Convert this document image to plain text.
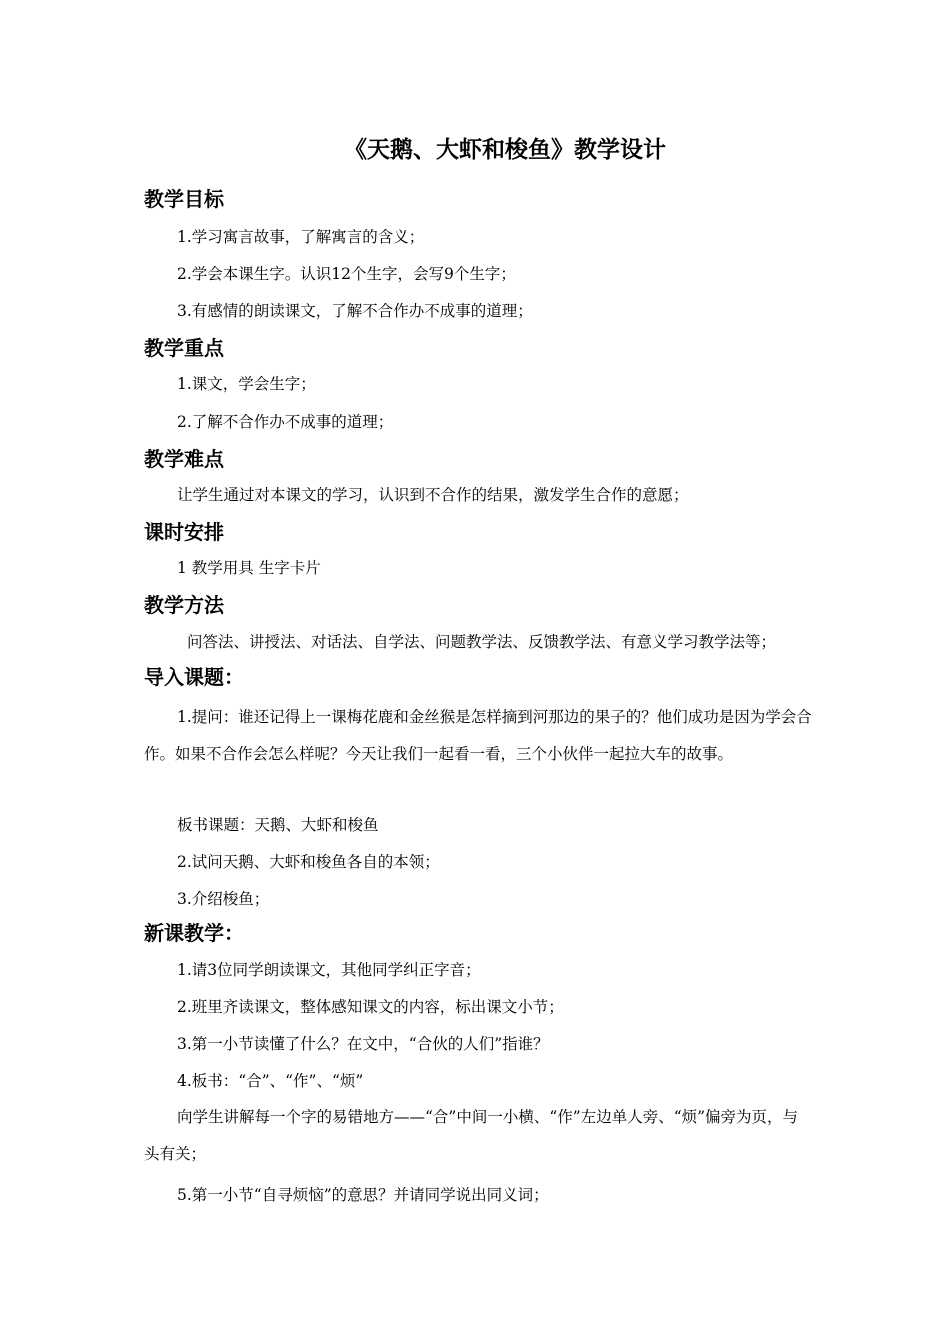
《天鹅、大虾和梭鱼》教学设计
教学目标
1.学习寓言故事，了解寓言的含义；
2.学会本课生字。认识12个生字，会写9个生字；
3.有感情的朗读课文，了解不合作办不成事的道理；
教学重点
1.课文，学会生字；
2.了解不合作办不成事的道理；
教学难点
让学生通过对本课文的学习，认识到不合作的结果，激发学生合作的意愿；
课时安排
1 教学用具 生字卡片
教学方法
问答法、讲授法、对话法、自学法、问题教学法、反馈教学法、有意义学习教学法等；
导入课题：
1.提问：谁还记得上一课梅花鹿和金丝猴是怎样摘到河那边的果子的？他们成功是因为学会合作。如果不合作会怎么样呢？今天让我们一起看一看，三个小伙伴一起拉大车的故事。
板书课题：天鹅、大虾和梭鱼
2.试问天鹅、大虾和梭鱼各自的本领；
3.介绍梭鱼；
新课教学：
1.请3位同学朗读课文，其他同学纠正字音；
2.班里齐读课文，整体感知课文的内容，标出课文小节；
3.第一小节读懂了什么？在文中，“合伙的人们”指谁？
4.板书：“合”、“作”、“烦”
向学生讲解每一个字的易错地方——“合”中间一小横、“作”左边单人旁、“烦”偏旁为页，与头有关；
5.第一小节“自寻烦恼”的意思？并请同学说出同义词；
